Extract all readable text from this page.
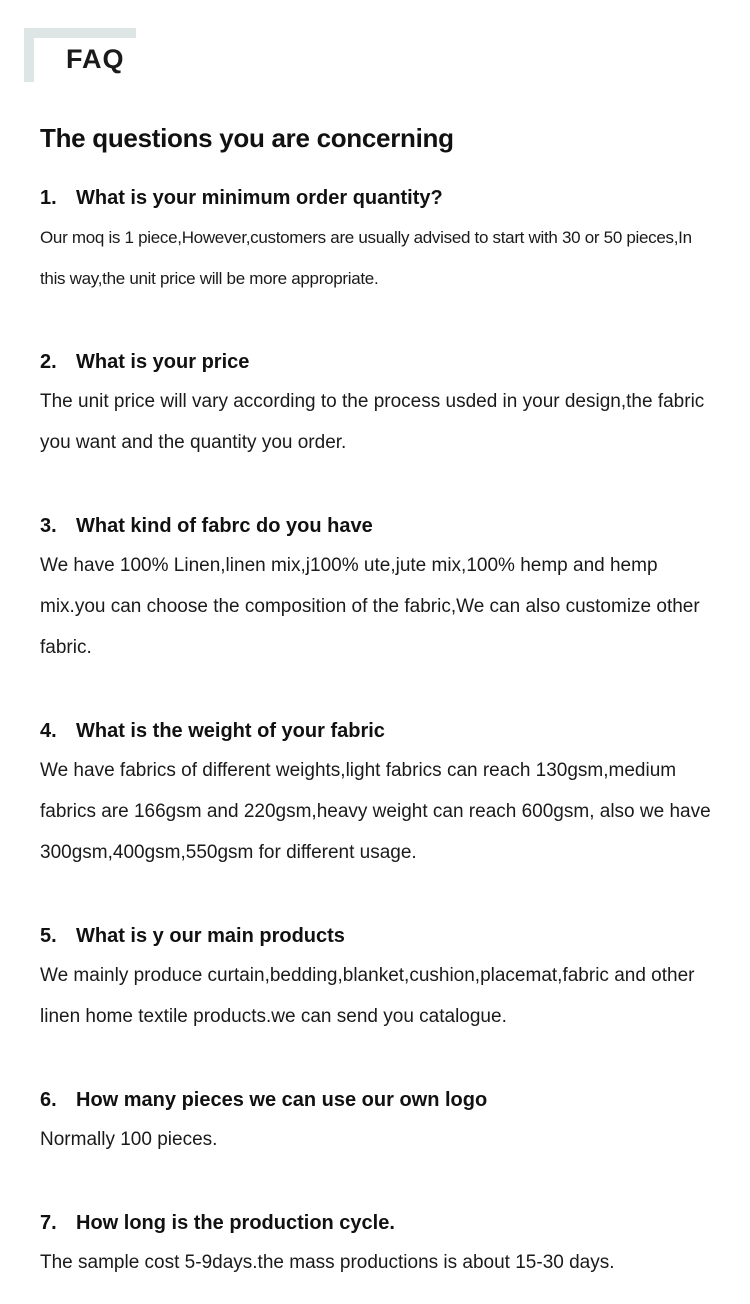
FAQ
The questions you are concerning

1. What is your minimum order quantity?

Our moq is 1 piece,However,customers are usually advised to start with 30 or 50 pieces,In this way,the unit price will be more appropriate.

2. What is your price

The unit price will vary according to the process usded in your design,the fabric you want and the quantity you order.

3. What kind of fabrc do you have

We have 100% Linen,linen mix,j100% ute,jute mix,100% hemp and hemp mix.you can choose the composition of the fabric,We can also customize other fabric.

4. What is the weight of your fabric

We have fabrics of different weights,light fabrics can reach 130gsm,medium fabrics are 166gsm and 220gsm,heavy weight can reach 600gsm, also we have 300gsm,400gsm,550gsm for different usage.

5. What is y our main products

We mainly produce curtain,bedding,blanket,cushion,placemat,fabric and other linen home textile products.we can send you catalogue.

6. How many pieces we can use our own logo

Normally 100 pieces.

7. How long is the production cycle.

The sample cost 5-9days.the mass productions is about 15-30 days.
